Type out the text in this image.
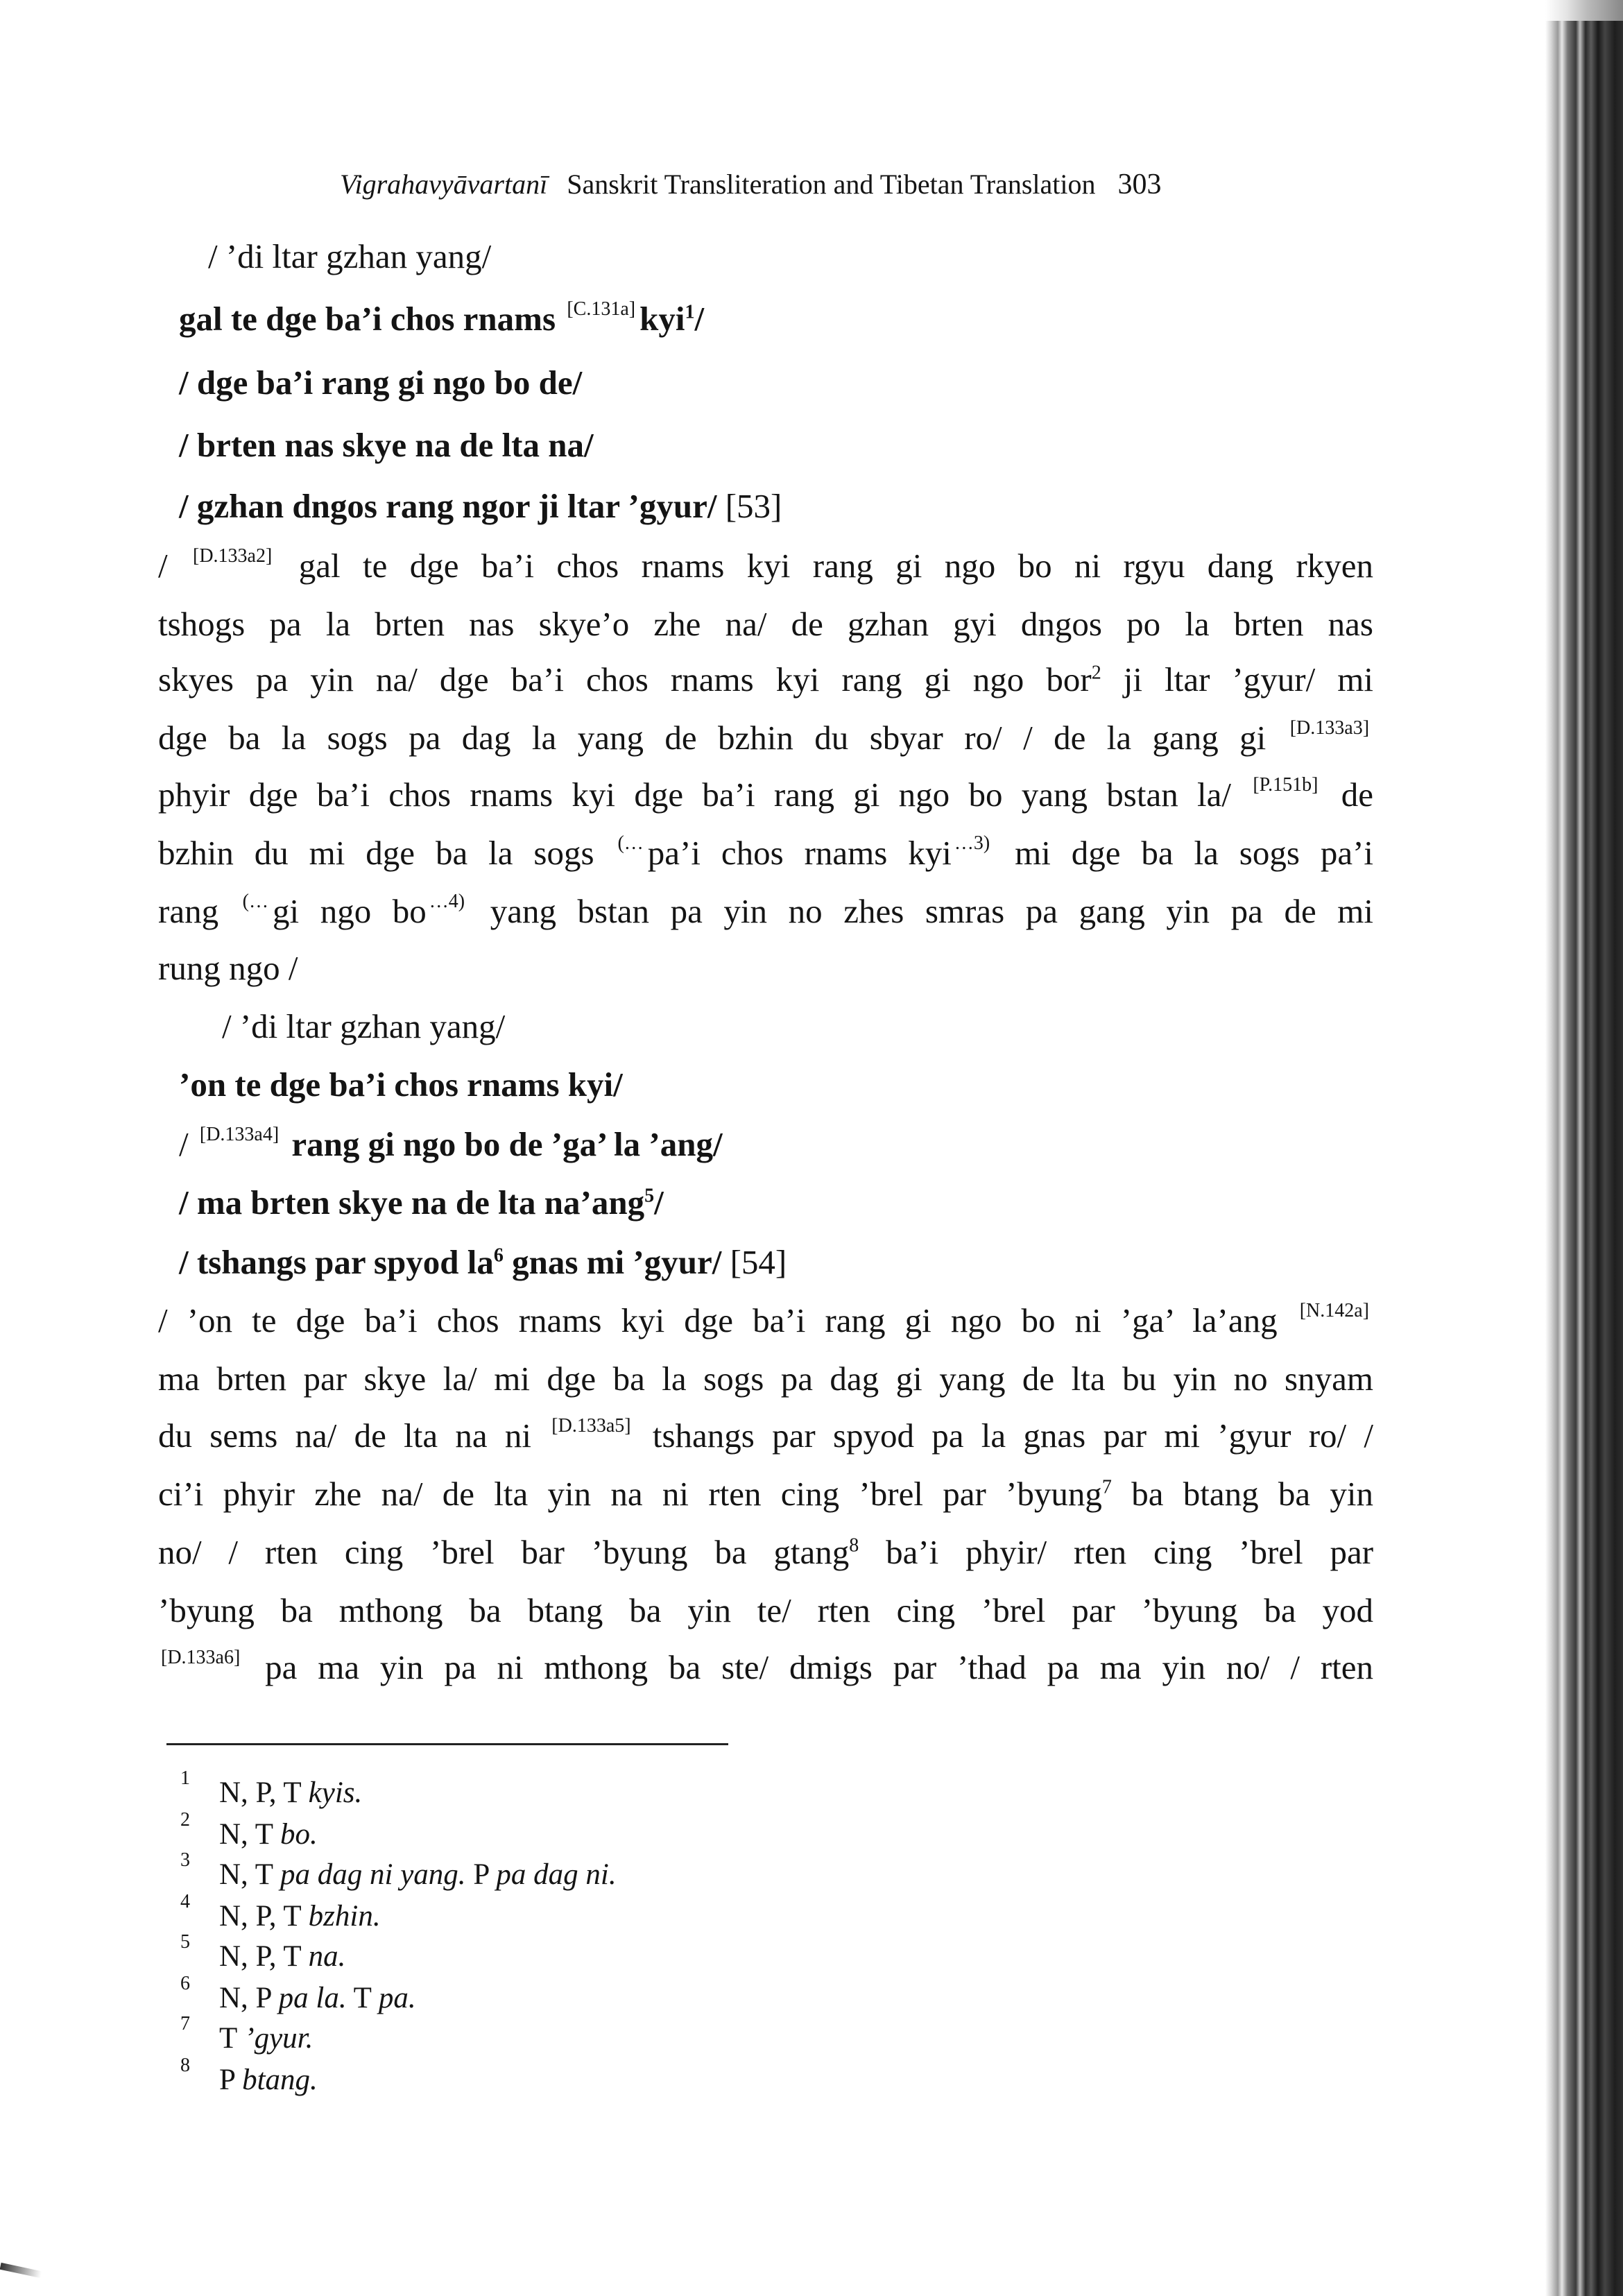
Vigrahavyāvartanī Sanskrit Transliteration and Tibetan Translation 303
/ ’di ltar gzhan yang/
gal te dge ba’i chos rnams [C.131a] kyi$^1$/
/ dge ba’i rang gi ngo bo de/
/ brten nas skye na de lta na/
/ gzhan dngos rang ngor ji ltar ’gyur/ [53]
/ [D.133a2] gal te dge ba’i chos rnams kyi rang gi ngo bo ni rgyu dang rkyen
tshogs pa la brten nas skye’o zhe na/ de gzhan gyi dngos po la brten nas
skyes pa yin na/ dge ba’i chos rnams kyi rang gi ngo bor$^2$ ji ltar ’gyur/ mi
dge ba la sogs pa dag la yang de bzhin du sbyar ro/ / de la gang gi [D.133a3]
phyir dge ba’i chos rnams kyi dge ba’i rang gi ngo bo yang bstan la/ [P.151b] de
bzhin du mi dge ba la sogs (… pa’i chos rnams kyi $^{\dots 3)}$ mi dge ba la sogs pa’i
rang (… gi ngo bo $^{\dots 4)}$ yang bstan pa yin no zhes smras pa gang yin pa de mi
rung ngo /
/ ’di ltar gzhan yang/
’on te dge ba’i chos rnams kyi/
/ [D.133a4] rang gi ngo bo de ’ga’ la ’ang/
/ ma brten skye na de lta na’ang$^5$/
/ tshangs par spyod $la^6$ gnas mi ’gyur/ [54]
/ ’on te dge ba’i chos rnams kyi dge ba’i rang gi ngo bo ni ’ga’ la’ang [N.142a]
ma brten par skye la/ mi dge ba la sogs pa dag gi yang de lta bu yin no snyam
du sems na/ de lta na ni [D.133a5] tshangs par spyod pa la gnas par mi ’gyur ro/ /
ci’i phyir zhe na/ de lta yin na ni rten cing ’brel par ’byung$^7$ ba btang ba yin
no/ / rten cing ’brel bar ’byung ba gtang$^8$ ba’i phyir/ rten cing ’brel par
’byung ba mthong ba btang ba yin te/ rten cing ’brel par ’byung ba yod
[D.133a6] pa ma yin pa ni mthong ba ste/ dmigs par ’thad pa ma yin no/ / rten
1 N, P, T kyis.
2 N, T bo.
3 N, T pa dag ni yang. P pa dag ni.
4 N, P, T bzhin.
5 N, P, T na.
6 N, P pa la. T pa.
7 T ’gyur.
8 P btang.
